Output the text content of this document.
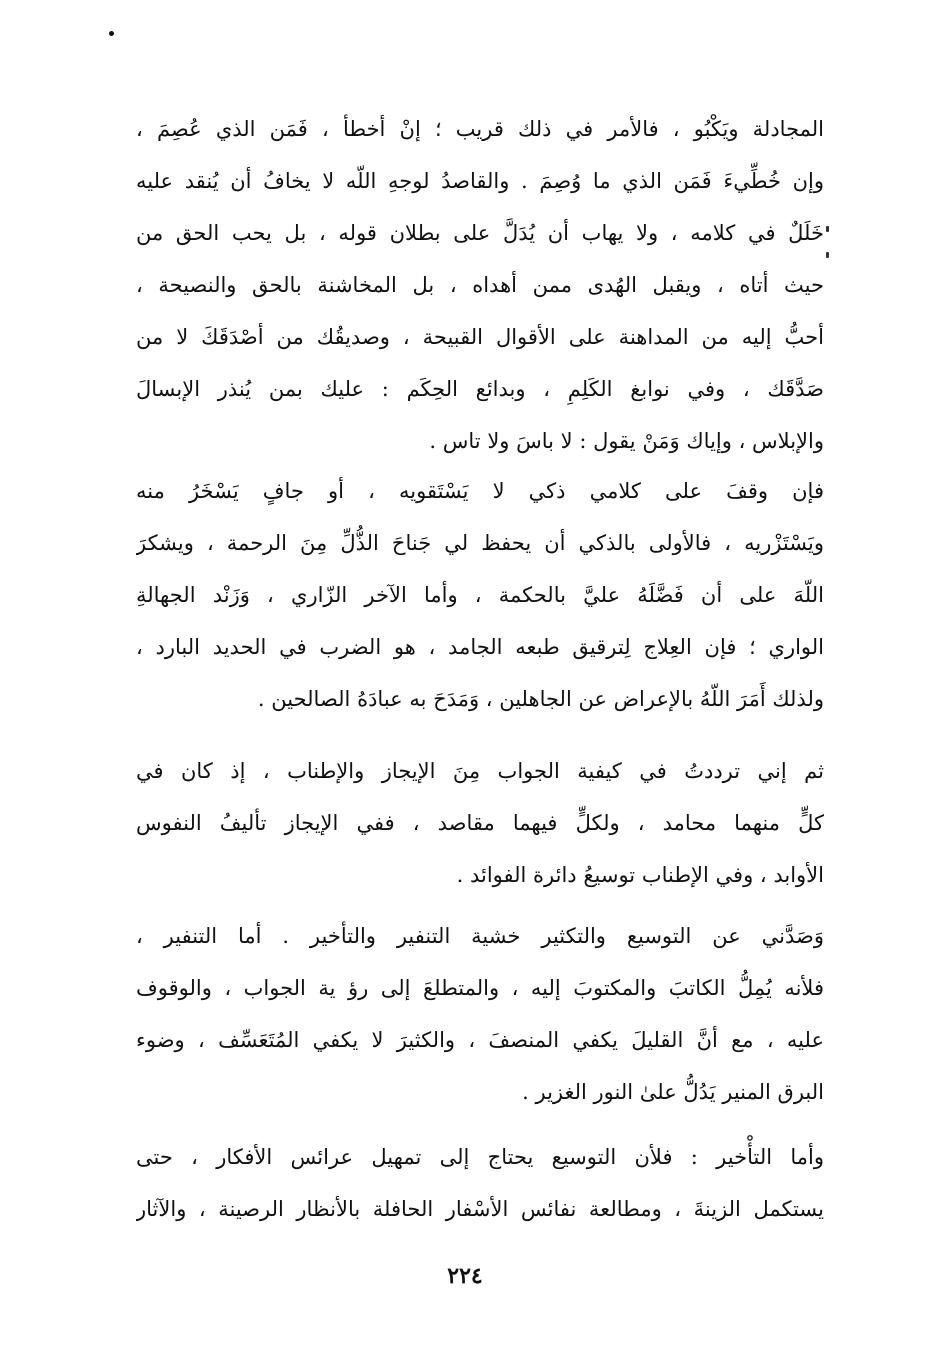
المجادلة ويَكْبُو ، فالأمر في ذلك قريب ؛ إنْ أخطأ ، فَمَن الذي عُصِمَ ،
وإن خُطِّيءَ فَمَن الذي ما وُصِمَ . والقاصدُ لوجهِ اللّه لا يخافُ أن يُنقد عليه
خَلَلٌ في كلامه ، ولا يهاب أن يُدَلَّ على بطلان قوله ، بل يحب الحق من
حيث أتاه ، ويقبل الهُدى ممن أهداه ، بل المخاشنة بالحق والنصيحة ،
أحبُّ إليه من المداهنة على الأقوال القبيحة ، وصديقُك من أصْدَقَكَ لا من
صَدَّقَك ، وفي نوابغ الكَلِمِ ، وبدائع الحِكَم : عليك بمن يُنذر الإبسالَ
والإبلاس ، وإياك وَمَنْ يقول : لا باسَ ولا تاس .
فإن وقفَ على كلامي ذكي لا يَسْتَقويه ، أو جافٍ يَسْخَرُ منه
ويَسْتَزْريه ، فالأولى بالذكي أن يحفظ لي جَناحَ الذُّلِّ مِنَ الرحمة ، ويشكرَ
اللّهَ على أن فَضَّلَهُ عليَّ بالحكمة ، وأما الآخر الزّاري ، وَزَنْد الجهالةِ
الواري ؛ فإن العِلاج لِترقيق طبعه الجامد ، هو الضرب في الحديد البارد ،
ولذلك أَمَرَ اللّهُ بالإعراض عن الجاهلين ، وَمَدَحَ به عبادَهُ الصالحين .
ثم إني ترددتُ في كيفية الجواب مِنَ الإيجاز والإطناب ، إذ كان في
كلٍّ منهما محامد ، ولكلٍّ فيهما مقاصد ، ففي الإيجاز تأليفُ النفوس
الأوابد ، وفي الإطناب توسيعُ دائرة الفوائد .
وَصَدَّني عن التوسيع والتكثير خشية التنفير والتأخير . أما التنفير ،
فلأنه يُمِلُّ الكاتبَ والمكتوبَ إليه ، والمتطلعَ إلى رؤ ية الجواب ، والوقوف
عليه ، مع أنَّ القليلَ يكفي المنصفَ ، والكثيرَ لا يكفي المُتَعَسِّف ، وضوء
البرق المنير يَدُلُّ علىٰ النور الغزير .
وأما التأْخير : فلأن التوسيع يحتاج إلى تمهيل عرائس الأفكار ، حتى
يستكمل الزينةَ ، ومطالعة نفائس الأسْفار الحافلة بالأنظار الرصينة ، والآثار
٢٢٤
